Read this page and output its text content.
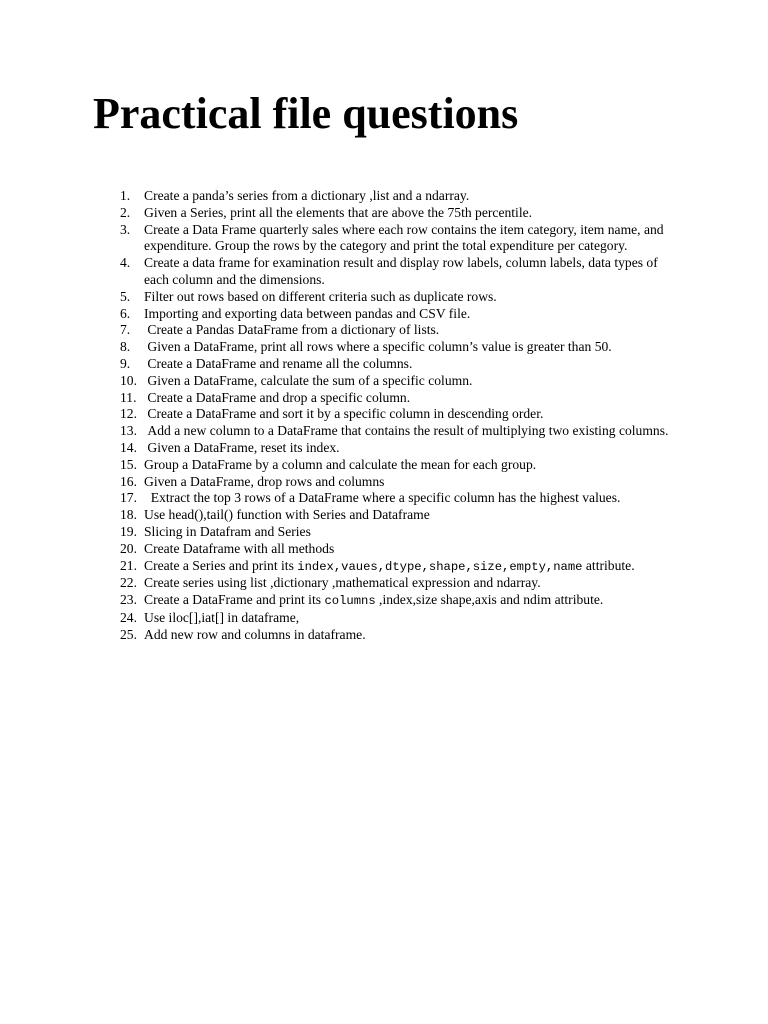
Practical file questions
1. Create a panda’s series from a dictionary ,list and a ndarray.
2. Given a Series, print all the elements that are above the 75th percentile.
3. Create a Data Frame quarterly sales where each row contains the item category, item name, and expenditure. Group the rows by the category and print the total expenditure per category.
4. Create a data frame for examination result and display row labels, column labels, data types of each column and the dimensions.
5. Filter out rows based on different criteria such as duplicate rows.
6. Importing and exporting data between pandas and CSV file.
7. Create a Pandas DataFrame from a dictionary of lists.
8. Given a DataFrame, print all rows where a specific column’s value is greater than 50.
9. Create a DataFrame and rename all the columns.
10. Given a DataFrame, calculate the sum of a specific column.
11. Create a DataFrame and drop a specific column.
12. Create a DataFrame and sort it by a specific column in descending order.
13. Add a new column to a DataFrame that contains the result of multiplying two existing columns.
14. Given a DataFrame, reset its index.
15. Group a DataFrame by a column and calculate the mean for each group.
16. Given a DataFrame, drop rows and columns
17. Extract the top 3 rows of a DataFrame where a specific column has the highest values.
18. Use head(),tail() function with Series and Dataframe
19. Slicing in Datafram and Series
20. Create Dataframe with all methods
21. Create a Series and print its index,vaues,dtype,shape,size,empty,name attribute.
22. Create series using list ,dictionary ,mathematical expression and ndarray.
23. Create a DataFrame and print its columns ,index,size shape,axis and ndim attribute.
24. Use iloc[],iat[] in dataframe,
25. Add new row and columns in dataframe.
